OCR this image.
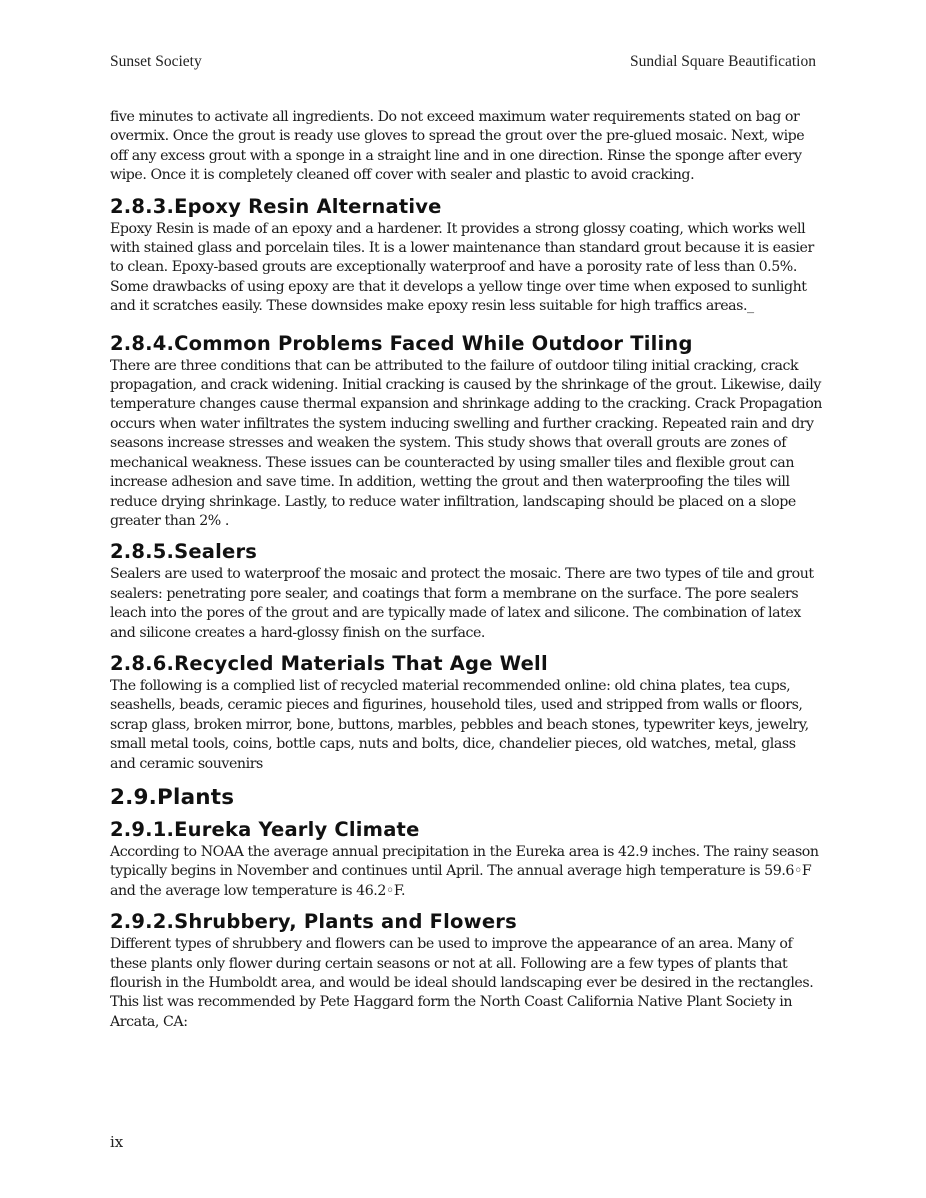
Sunset Society	Sundial Square Beautification

five minutes to activate all ingredients. Do not exceed maximum water requirements stated on bag or overmix. Once the grout is ready use gloves to spread the grout over the pre-glued mosaic. Next, wipe off any excess grout with a sponge in a straight line and in one direction. Rinse the sponge after every wipe. Once it is completely cleaned off cover with sealer and plastic to avoid cracking.

2.8.3.Epoxy Resin Alternative

Epoxy Resin is made of an epoxy and a hardener. It provides a strong glossy coating, which works well with stained glass and porcelain tiles. It is a lower maintenance than standard grout because it is easier to clean. Epoxy-based grouts are exceptionally waterproof and have a porosity rate of less than 0.5%. Some drawbacks of using epoxy are that it develops a yellow tinge over time when exposed to sunlight and it scratches easily. These downsides make epoxy resin less suitable for high traffics areas._

2.8.4.Common Problems Faced While Outdoor Tiling

There are three conditions that can be attributed to the failure of outdoor tiling initial cracking, crack propagation, and crack widening. Initial cracking is caused by the shrinkage of the grout. Likewise, daily temperature changes cause thermal expansion and shrinkage adding to the cracking. Crack Propagation occurs when water infiltrates the system inducing swelling and further cracking. Repeated rain and dry seasons increase stresses and weaken the system. This study shows that overall grouts are zones of mechanical weakness. These issues can be counteracted by using smaller tiles and flexible grout can increase adhesion and save time. In addition, wetting the grout and then waterproofing the tiles will reduce drying shrinkage. Lastly, to reduce water infiltration, landscaping should be placed on a slope greater than 2% .

2.8.5.Sealers

Sealers are used to waterproof the mosaic and protect the mosaic. There are two types of tile and grout sealers: penetrating pore sealer, and coatings that form a membrane on the surface. The pore sealers leach into the pores of the grout and are typically made of latex and silicone. The combination of latex and silicone creates a hard-glossy finish on the surface.

2.8.6.Recycled Materials That Age Well

The following is a complied list of recycled material recommended online: old china plates, tea cups, seashells, beads, ceramic pieces and figurines, household tiles, used and stripped from walls or floors, scrap glass, broken mirror, bone, buttons, marbles, pebbles and beach stones, typewriter keys, jewelry, small metal tools, coins, bottle caps, nuts and bolts, dice, chandelier pieces, old watches, metal, glass and ceramic souvenirs

2.9.Plants
2.9.1.Eureka Yearly Climate

According to NOAA the average annual precipitation in the Eureka area is 42.9 inches. The rainy season typically begins in November and continues until April. The annual average high temperature is 59.6◦F and the average low temperature is 46.2◦F.

2.9.2.Shrubbery, Plants and Flowers

Different types of shrubbery and flowers can be used to improve the appearance of an area. Many of these plants only flower during certain seasons or not at all. Following are a few types of plants that flourish in the Humboldt area, and would be ideal should landscaping ever be desired in the rectangles. This list was recommended by Pete Haggard form the North Coast California Native Plant Society in Arcata, CA:

ix
